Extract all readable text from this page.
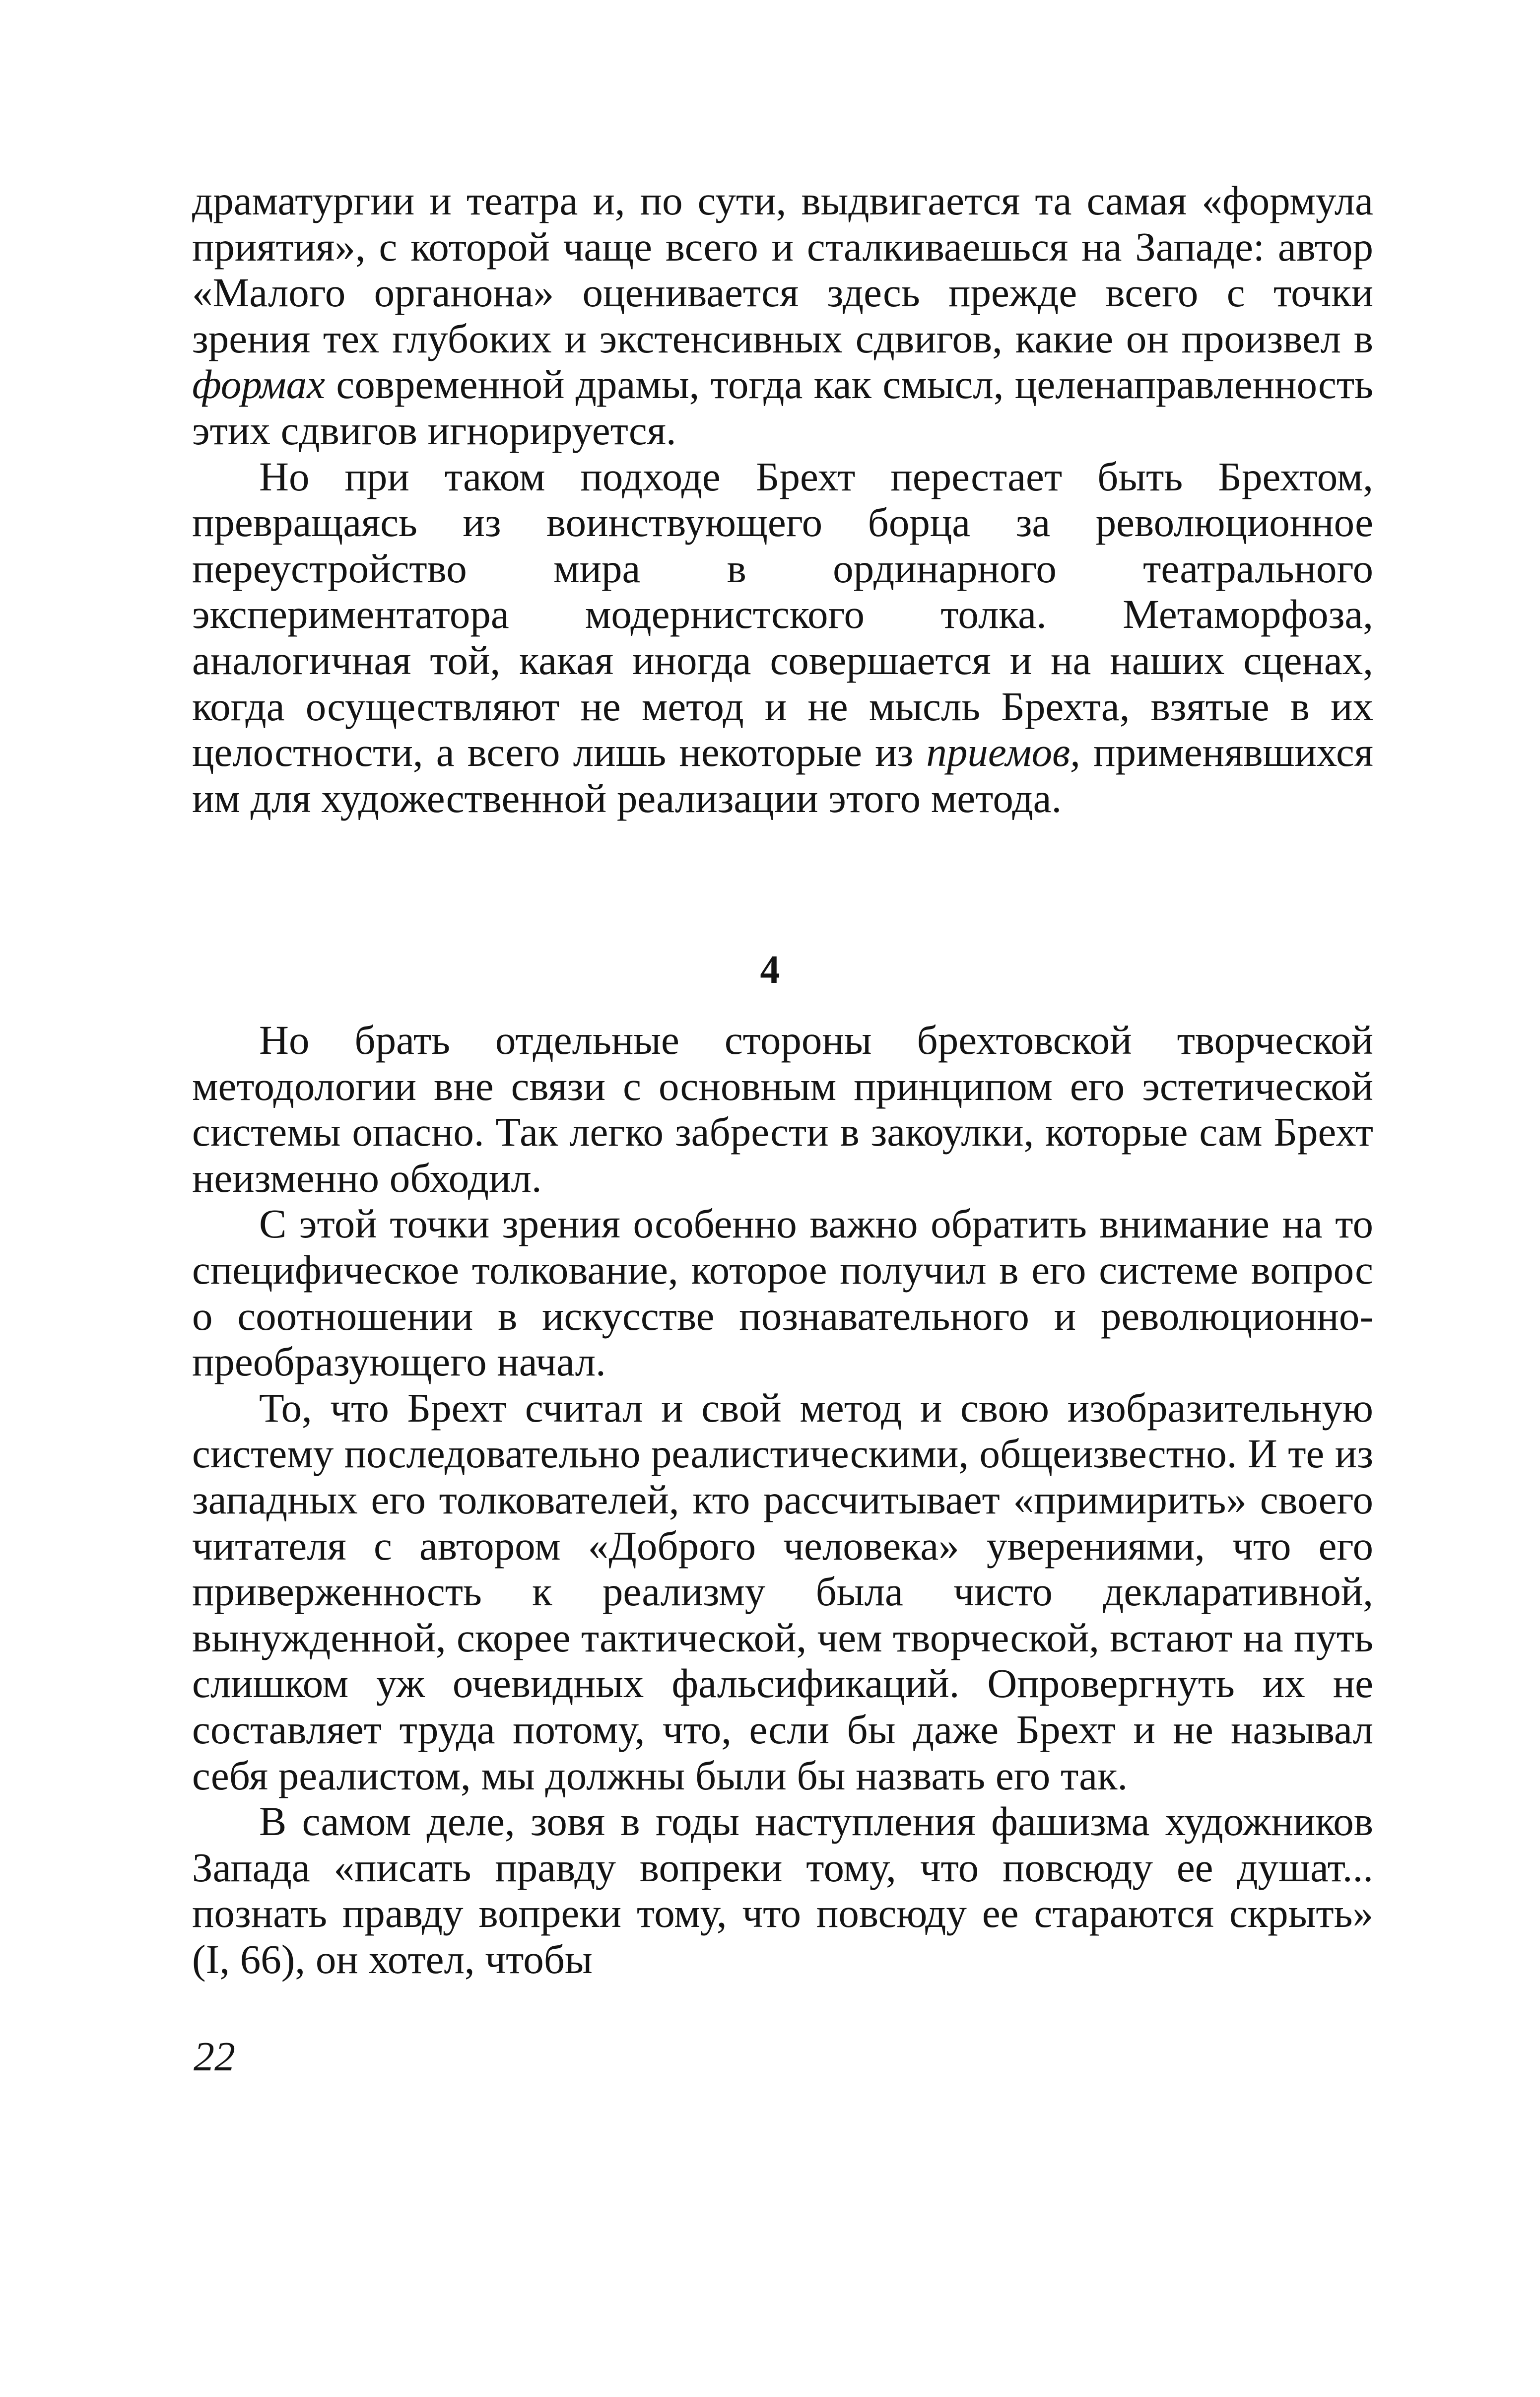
драматургии и театра и, по сути, выдвигается та самая «формула приятия», с которой чаще всего и сталкиваешься на Западе: автор «Малого органона» оценивается здесь прежде всего с точки зрения тех глубоких и экстенсивных сдвигов, какие он произвел в формах современной драмы, тогда как смысл, целенаправленность этих сдвигов игнорируется.

Но при таком подходе Брехт перестает быть Брехтом, превращаясь из воинствующего борца за революционное переустройство мира в ординарного театрального экспериментатора модернистского толка. Метаморфоза, аналогичная той, какая иногда совершается и на наших сценах, когда осуществляют не метод и не мысль Брехта, взятые в их целостности, а всего лишь некоторые из приемов, применявшихся им для художественной реализации этого метода.

4

Но брать отдельные стороны брехтовской творческой методологии вне связи с основным принципом его эстетической системы опасно. Так легко забрести в закоулки, которые сам Брехт неизменно обходил.

С этой точки зрения особенно важно обратить внимание на то специфическое толкование, которое получил в его системе вопрос о соотношении в искусстве познавательного и революционно-преобразующего начал.

То, что Брехт считал и свой метод и свою изобразительную систему последовательно реалистическими, общеизвестно. И те из западных его толкователей, кто рассчитывает «примирить» своего читателя с автором «Доброго человека» уверениями, что его приверженность к реализму была чисто декларативной, вынужденной, скорее тактической, чем творческой, встают на путь слишком уж очевидных фальсификаций. Опровергнуть их не составляет труда потому, что, если бы даже Брехт и не называл себя реалистом, мы должны были бы назвать его так.

В самом деле, зовя в годы наступления фашизма художников Запада «писать правду вопреки тому, что повсюду ее душат... познать правду вопреки тому, что повсюду ее стараются скрыть» (I, 66), он хотел, чтобы

22
